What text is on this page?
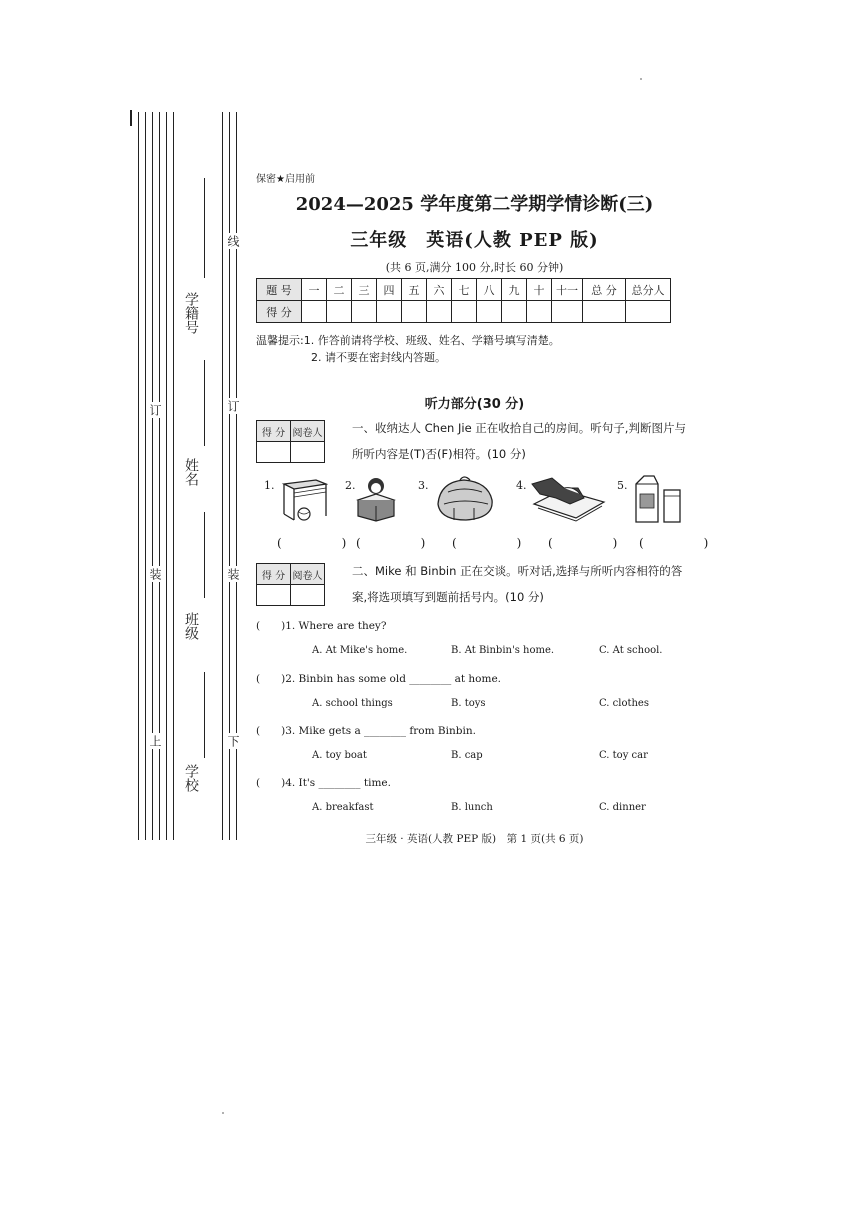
学籍号
姓名
班级
学校
线
订
装
下
订
装
上
保密★启用前
2024—2025 学年度第二学期学情诊断(三)
三年级　英语(人教 PEP 版)
(共 6 页,满分 100 分,时长 60 分钟)
题 号	一	二	三	四	五	六	七	八	九	十	十一	总 分	总分人
得 分													
温馨提示:1. 作答前请将学校、班级、姓名、学籍号填写清楚。
2. 请不要在密封线内答题。
听力部分(30 分)
得 分	阅卷人
		一、收纳达人 Chen Jie 正在收拾自己的房间。听句子,判断图片与所听内容是(T)否(F)相符。(10 分)
1.	2.	3.	4.	5.
(　　)
(　　) (　　) (　　) (　　)
得 分	阅卷人
		二、Mike 和 Binbin 正在交谈。听对话,选择与所听内容相符的答案,将选项填写到题前括号内。(10 分)
(　　)1. Where are they?
A. At Mike's home.	B. At Binbin's home.	C. At school.
(　　)2. Binbin has some old ________ at home.
A. school things	B. toys	C. clothes
(　　)3. Mike gets a ________ from Binbin.
A. toy boat	B. cap	C. toy car
(　　)4. It's ________ time.
A. breakfast	B. lunch	C. dinner
三年级 · 英语(人教 PEP 版)　第 1 页(共 6 页)
